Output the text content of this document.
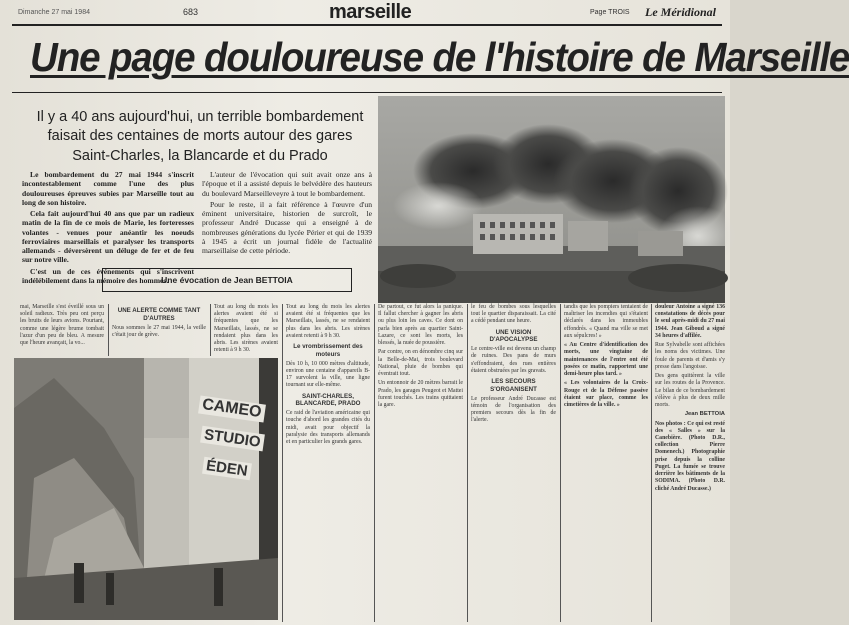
Dimanche 27 mai 1984	683	marseille	Page TROIS Le Méridional
Une page douloureuse de l'histoire de Marseille
Il y a 40 ans aujourd'hui, un terrible bombardement faisait des centaines de morts autour des gares Saint-Charles, la Blancarde et du Prado

Le bombardement du 27 mai 1944 s'inscrit incontestablement comme l'une des plus douloureuses épreuves subies par Marseille tout au long de son histoire.

Cela fait aujourd'hui 40 ans que par un radieux matin de la fin de ce mois de Marie, les forteresses volantes - venues pour anéantir les noeuds ferroviaires marseillais et paralyser les transports allemands - déversèrent un déluge de fer et de feu sur notre ville.

C'est un de ces événements qui s'inscrivent indélébilement dans la mémoire des hommes.

L'auteur de l'évocation qui suit avait onze ans à l'époque et il a assisté depuis le belvédère des hauteurs du boulevard Marseilleveyre à tout le bombardement.

Pour le reste, il a fait référence à l'œuvre d'un éminent universitaire, historien de surcroît, le professeur André Ducasse qui a enseigné à de nombreuses générations du lycée Périer et qui de 1939 à 1945 a écrit un journal fidèle de l'actualité marseillaise de cette période.

Une évocation de Jean BETTOIA
CAMEO
STUDIO
ÉDEN

mai, Marseille s'est éveillé sous un soleil radieux. Très peu ont perçu les bruits de leurs avions. Pourtant, comme une légère brume tombait l'azur d'un peu de bleu. A mesure que l'heure avançait, la vo...

UNE ALERTE COMME TANT D'AUTRES

Nous sommes le 27 mai 1944, la veille c'était jour de grève.

Tout au long du mois les alertes avaient été si fréquentes que les Marseillais, lassés, ne se rendaient plus dans les abris. Les sirènes avaient retenti à 9 h 30.

Tout au long du mois les alertes avaient été si fréquentes que les Marseillais, lassés, ne se rendaient plus dans les abris. Les sirènes avaient retenti à 9 h 30.

Le vrombrissement des moteurs

Dès 10 h, 10 000 mètres d'altitude, environ une centaine d'appareils B-17 survolent la ville, une ligne tournant sur elle-même.

SAINT-CHARLES, BLANCARDE, PRADO

Ce raid de l'aviation américaine qui touche d'abord les grandes cités du midi, avait pour objectif la paralysie des transports allemands et en particulier les grands gares.

De partout, ce fut alors la panique. Il fallut chercher à gagner les abris ou plus loin les caves. Ce dont on parla bien après au quartier Saint-Lazare, ce sont les morts, les blessés, la nuée de poussière.

Par contre, on en dénombre cinq sur la Belle-de-Mai, trois boulevard National, pluie de bombes qui éventrait tout.

Un entonnoir de 20 mètres barrait le Prado, les garages Peugeot et Mattei furent touchés. Les trains quittaient la gare.

le feu de bombes sous lesquelles tout le quartier disparaissait. La cité a cédé pendant une heure.

UNE VISION D'APOCALYPSE

Le centre-ville est devenu un champ de ruines. Des pans de murs s'effondraient, des rues entières étaient obstruées par les gravats.

LES SECOURS S'ORGANISENT

Le professeur André Ducasse est témoin de l'organisation des premiers secours dès la fin de l'alerte.

tandis que les pompiers tentaient de maîtriser les incendies qui s'étaient déclarés dans les immeubles effondrés. « Quand ma ville se met aux sépulcres! »

« Au Centre d'identification des morts, une vingtaine de maintenances de l'entre ont été posées ce matin, rapportent une demi-heure plus tard. »

« Les volontaires de la Croix-Rouge et de la Défense passive étaient sur place, comme les cimetières de la ville. »

douleur Antoine a signé 136 constatations de décès pour le seul après-midi du 27 mai 1944. Jean Giboud a signé 34 heures d'affilée.

Rue Sylvabelle sont affichées les noms des victimes. Une foule de parents et d'amis s'y presse dans l'angoisse.

Des gens quittèrent la ville sur les routes de la Provence. Le bilan de ce bombardement s'élève à plus de deux mille morts.

Jean BETTOIA

Nos photos : Ce qui est resté des « Salles » sur la Canebière. (Photo D.R., collection Pierre Domenech.) Photographie prise depuis la colline Puget. La fumée se trouve derrière les bâtiments de la SODIMA. (Photo D.R. cliché André Ducasse.)
